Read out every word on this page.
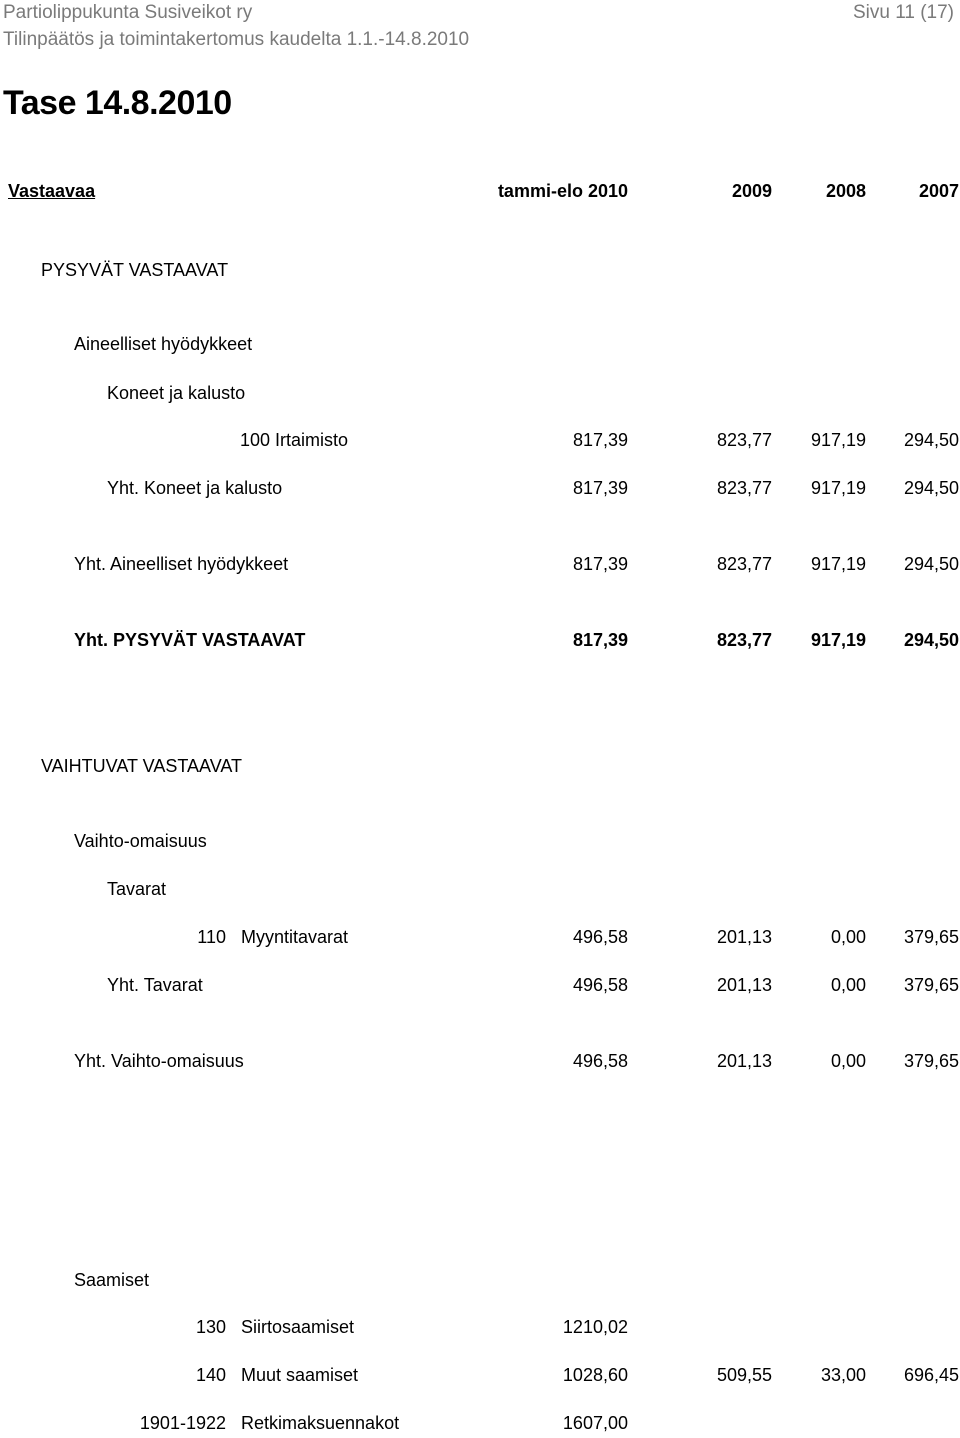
Partiolippukunta Susiveikot ry	Sivu 11 (17)
Tilinpäätös ja toimintakertomus kaudelta 1.1.-14.8.2010
Tase 14.8.2010
Vastaavaa	tammi-elo 2010	2009	2008	2007
PYSYVÄT VASTAAVAT
Aineelliset hyödykkeet
Koneet ja kalusto
100 Irtaimisto	817,39	823,77 917,19 294,50
Yht. Koneet ja kalusto	817,39	823,77 917,19 294,50
Yht. Aineelliset hyödykkeet	817,39	823,77 917,19 294,50
Yht. PYSYVÄT VASTAAVAT	817,39	823,77 917,19 294,50
VAIHTUVAT VASTAAVAT
Vaihto-omaisuus
Tavarat
110 Myyntitavarat	496,58	201,13	0,00 379,65
Yht. Tavarat	496,58	201,13	0,00 379,65
Yht. Vaihto-omaisuus	496,58	201,13	0,00 379,65
Saamiset
130 Siirtosaamiset	1210,02
140 Muut saamiset	1028,60	509,55	33,00 696,45
1901-1922 Retkimaksuennakot	1607,00
